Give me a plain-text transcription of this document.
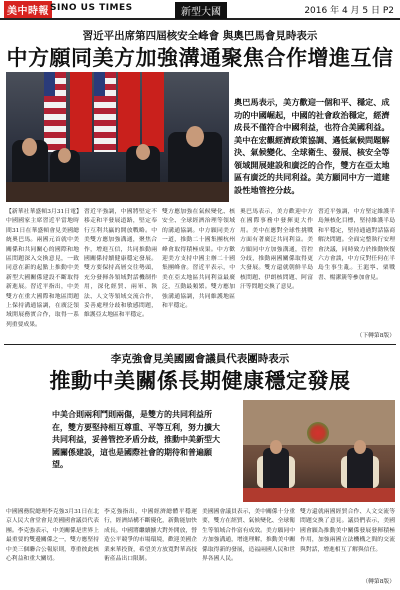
美中時報 SINO US TIMES	新型大國	2016 年 4 月 5 日 P2
習近平出席第四屆核安全峰會 與奧巴馬會見時表示
中方願同美方加強溝通聚焦合作增進互信
奧巴馬表示，美方歡迎一個和平、穩定、成功的中國崛起，中國的社會政治穩定，經濟成長不僅符合中國利益，也符合美國利益。美中在宏觀經濟政策協調、邁低氣候問題解決、氣候變化、全球衛生、發展、核安全等領域開展建設和廣泛的合作，雙方在亞太地區有廣泛的共同利益。美方願同中方一道建設性地管控分歧。
【新華社華盛頓3月31日電】中國國家主席習近平當地時間31日在華盛頓會見美國總統奧巴馬。兩國元首就中美關係和共同關心的國際和地區問題深入交換意見，一致同意在新的起點上推動中美新型大國關係建設不斷取得新進展。習近平指出，中美雙方在重大國際和地區問題上保持溝通協調，在廣泛領域開展務實合作，取得一系列重要成果。
習近平強調，中國將堅定不移走和平發展道路，堅定奉行互利共贏的開放戰略。中美雙方應加強溝通，聚焦合作，增進互信，共同推動兩國關係持續健康穩定發展。雙方要保持高層交往勢頭，充分發揮各領域對話機制作用，深化經貿、兩軍、執法、人文等領域交流合作，妥善處理分歧和敏感問題，維護亞太地區和平穩定。
雙方應加強在氣候變化、核安全、全球經濟治理等領域的溝通協調。中方願同美方一道，推動二十國集團杭州峰會取得積極成果。中方歡迎美方支持中國主辦二十國集團峰會。習近平表示，中美在亞太地區共同利益最廣泛，互動最頻繁。雙方應加強溝通協調，共同維護地區和平穩定。
奧巴馬表示，美方歡迎中方在國際事務中發揮更大作用。美中在應對全球性挑戰方面有著廣泛共同利益。美方願同中方加強溝通，管控分歧，推動兩國關係取得更大發展。雙方還就朝鮮半島核問題、伊朗核問題、阿富汗等問題交換了意見。
習近平強調，中方堅定維護半島無核化目標，堅持維護半島和平穩定，堅持通過對話協商解決問題。全面完整執行安理會決議，同時致力於推動恢復六方會談，中方反對任何在半島生事生亂。王滬寧、栗戰書、楊潔篪等參加會見。
（下轉第8版）
李克強會見美國國會議員代表團時表示
推動中美關係長期健康穩定發展
中美合則兩利鬥則兩傷，是雙方的共同利益所在，雙方要堅持相互尊重、平等互利，努力擴大共同利益，妥善管控矛盾分歧，推動中美新型大國關係建設，這也是國際社會的期待和普遍願望。
中國國務院總理李克強3月31日在北京人民大會堂會見美國國會議員代表團。李克強表示，中美關係是世界上最重要的雙邊關係之一，雙方應堅持中美三個聯合公報原則，尊重彼此核心利益和重大關切。
李克強指出，中國經濟總體平穩運行，經濟結構不斷優化，新動能加快成長。中國將繼續擴大對外開放，營造公平競爭的市場環境，歡迎美國企業來華投資，希望美方放寬對華高技術產品出口限制。
美國國會議員表示，美中關係十分重要，雙方在經貿、氣候變化、全球衛生等領域合作富有成效。美方願同中方加強溝通，增進理解，推動美中關係取得新的發展，造福兩國人民和世界各國人民。
雙方還就兩國經貿合作、人文交流等問題交換了意見。議員們表示，美國國會願為推動美中關係發展發揮積極作用，加強兩國立法機構之間的交流與對話，增進相互了解與信任。
（轉第8版）
